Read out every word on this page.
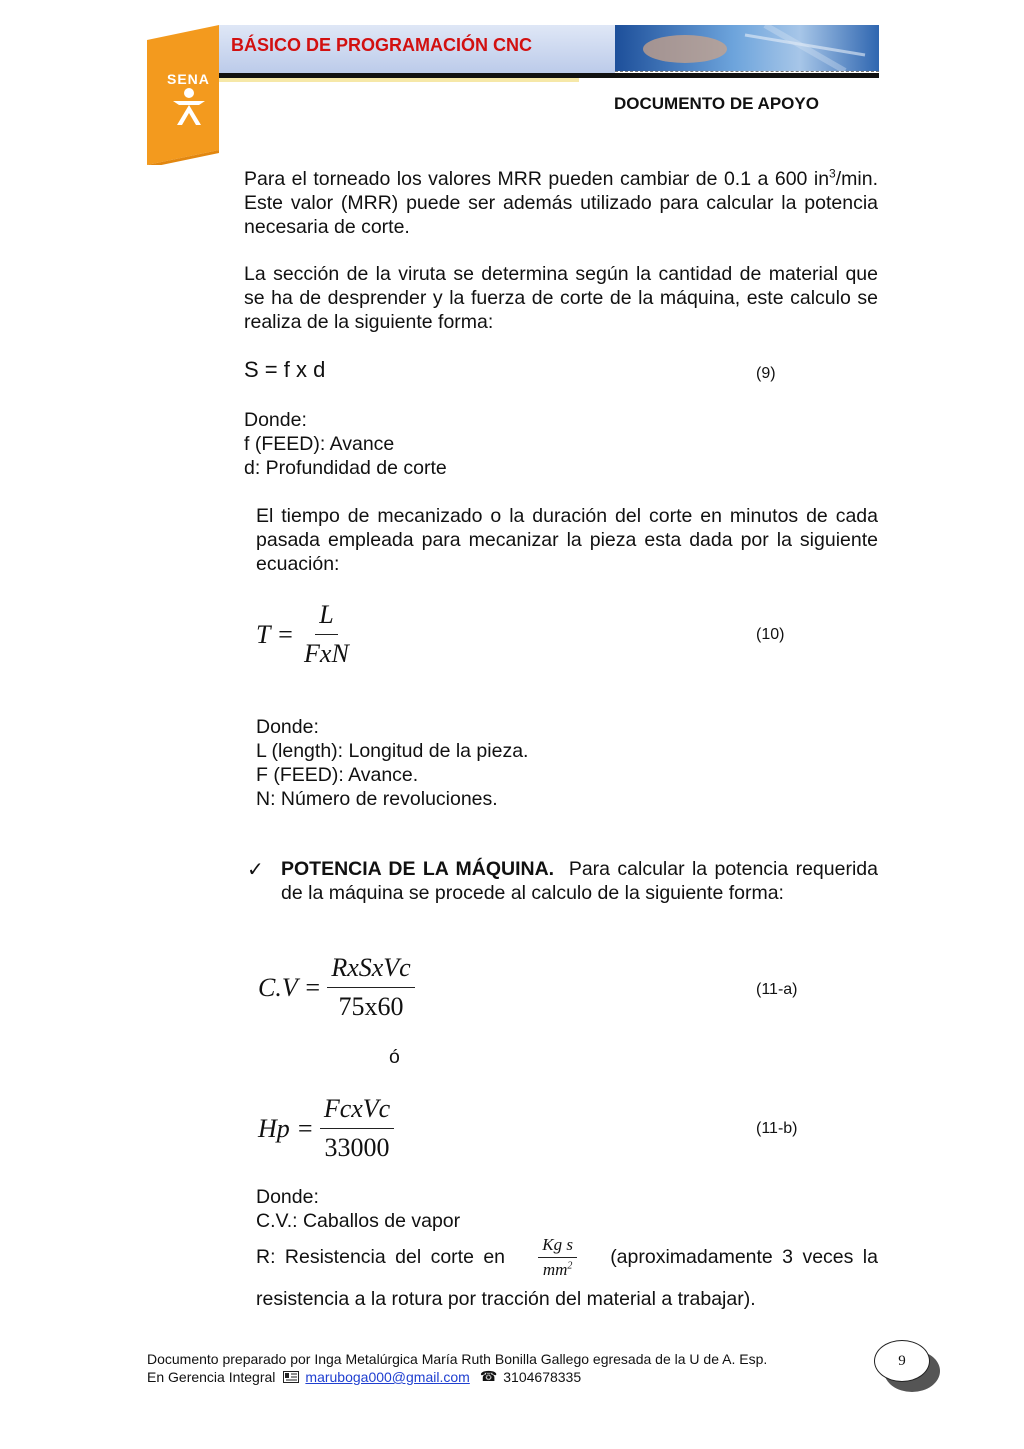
SENA
BÁSICO DE PROGRAMACIÓN CNC
DOCUMENTO DE APOYO

Para el torneado los valores MRR pueden cambiar de 0.1 a 600 $in^3/\min$. Este valor (MRR) puede ser además utilizado para calcular la potencia necesaria de corte.

La sección de la viruta se determina según la cantidad de material que se ha de desprender y la fuerza de corte de la máquina, este calculo se realiza de la siguiente forma:

S = f x d	(9)
Donde:
f (FEED): Avance
d: Profundidad de corte

El tiempo de mecanizado o la duración del corte en minutos de cada pasada empleada para mecanizar la pieza esta dada por la siguiente ecuación:

$T = \frac{L}{\text{FxN}}$	(10)
Donde:
L (length): Longitud de la pieza.
F (FEED): Avance.
N: Número de revoluciones.
✓ POTENCIA DE LA MÁQUINA. Para calcular la potencia requerida de la máquina se procede al calculo de la siguiente forma:

$C.V = \frac{\text{RxSxVc}}{75x60}$	(11-a)
ó
$Hp = \frac{\text{FcxVc}}{33000}$	(11-b)
Donde:
C.V.: Caballos de vapor
R: Resistencia del corte en $\frac{\text{Kg s}}{mm^2}$ (aproximadamente 3 veces la
resistencia a la rotura por tracción del material a trabajar).
Documento preparado por Inga Metalúrgica María Ruth Bonilla Gallego egresada de la U de A. Esp.
En Gerencia Integral maruboga000@gmail.com ☎ 3104678335
9
